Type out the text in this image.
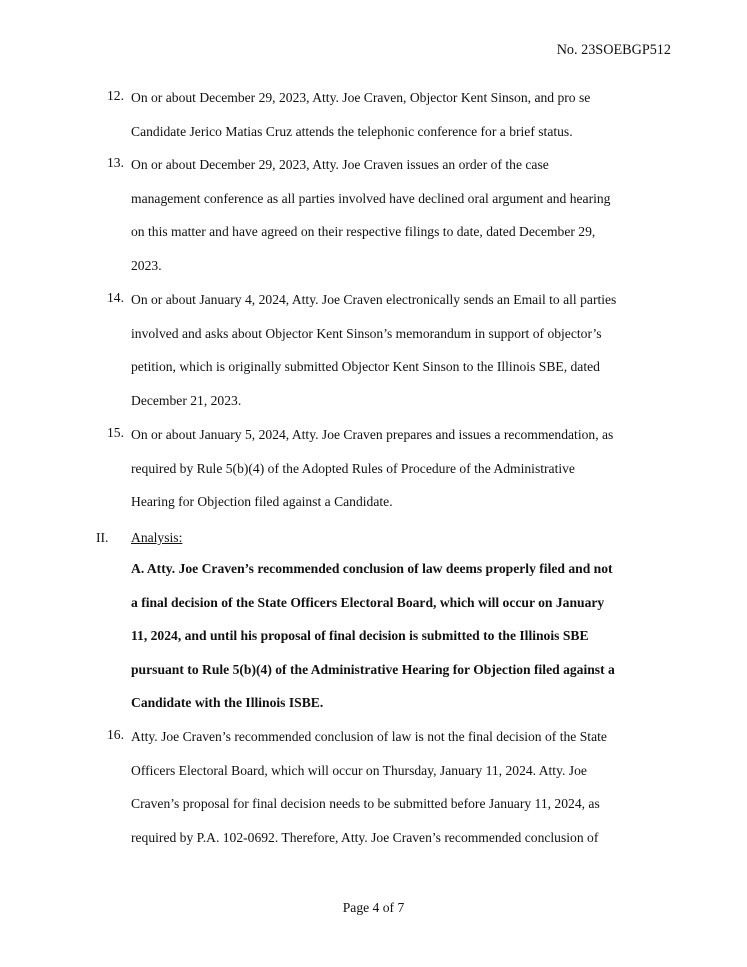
No. 23SOEBGP512
12. On or about December 29, 2023, Atty. Joe Craven, Objector Kent Sinson, and pro se
Candidate Jerico Matias Cruz attends the telephonic conference for a brief status.
13. On or about December 29, 2023, Atty. Joe Craven issues an order of the case
management conference as all parties involved have declined oral argument and hearing
on this matter and have agreed on their respective filings to date, dated December 29,
2023.
14. On or about January 4, 2024, Atty. Joe Craven electronically sends an Email to all parties
involved and asks about Objector Kent Sinson’s memorandum in support of objector’s
petition, which is originally submitted Objector Kent Sinson to the Illinois SBE, dated
December 21, 2023.
15. On or about January 5, 2024, Atty. Joe Craven prepares and issues a recommendation, as
required by Rule 5(b)(4) of the Adopted Rules of Procedure of the Administrative
Hearing for Objection filed against a Candidate.
II. Analysis:
A. Atty. Joe Craven’s recommended conclusion of law deems properly filed and not
a final decision of the State Officers Electoral Board, which will occur on January
11, 2024, and until his proposal of final decision is submitted to the Illinois SBE
pursuant to Rule 5(b)(4) of the Administrative Hearing for Objection filed against a
Candidate with the Illinois ISBE.
16. Atty. Joe Craven’s recommended conclusion of law is not the final decision of the State
Officers Electoral Board, which will occur on Thursday, January 11, 2024. Atty. Joe
Craven’s proposal for final decision needs to be submitted before January 11, 2024, as
required by P.A. 102-0692. Therefore, Atty. Joe Craven’s recommended conclusion of
Page 4 of 7
